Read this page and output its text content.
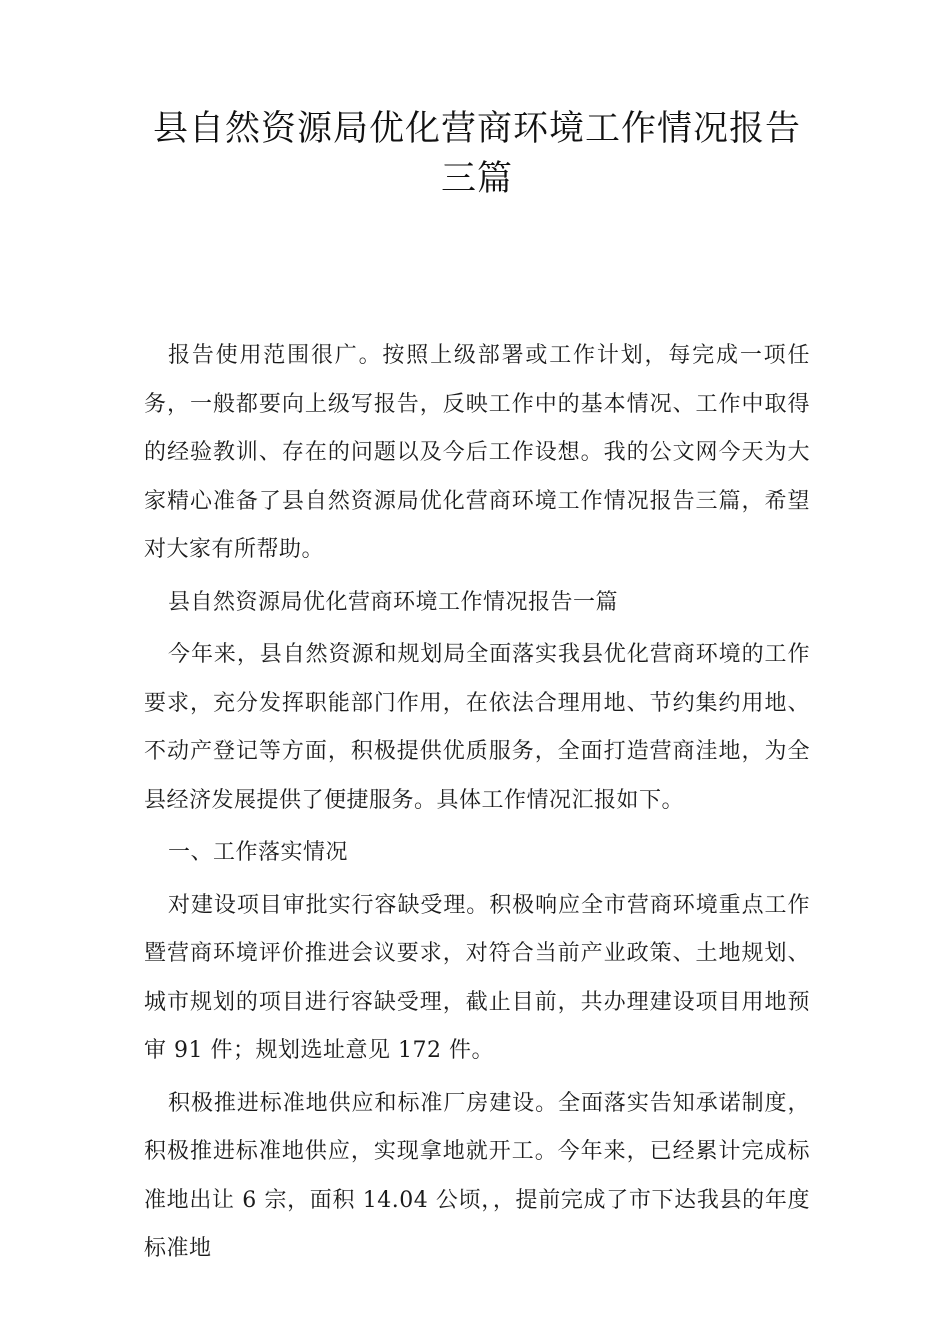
县自然资源局优化营商环境工作情况报告
三篇

报告使用范围很广。按照上级部署或工作计划，每完成一项任务，一般都要向上级写报告，反映工作中的基本情况、工作中取得的经验教训、存在的问题以及今后工作设想。我的公文网今天为大家精心准备了县自然资源局优化营商环境工作情况报告三篇，希望对大家有所帮助。

县自然资源局优化营商环境工作情况报告一篇

今年来，县自然资源和规划局全面落实我县优化营商环境的工作要求，充分发挥职能部门作用，在依法合理用地、节约集约用地、不动产登记等方面，积极提供优质服务，全面打造营商洼地，为全县经济发展提供了便捷服务。具体工作情况汇报如下。

一、工作落实情况

对建设项目审批实行容缺受理。积极响应全市营商环境重点工作暨营商环境评价推进会议要求，对符合当前产业政策、土地规划、城市规划的项目进行容缺受理，截止目前，共办理建设项目用地预审 91 件；规划选址意见 172 件。

积极推进标准地供应和标准厂房建设。全面落实告知承诺制度，积极推进标准地供应，实现拿地就开工。今年来，已经累计完成标准地出让 6 宗，面积 14.04 公顷，，提前完成了市下达我县的年度标准地
